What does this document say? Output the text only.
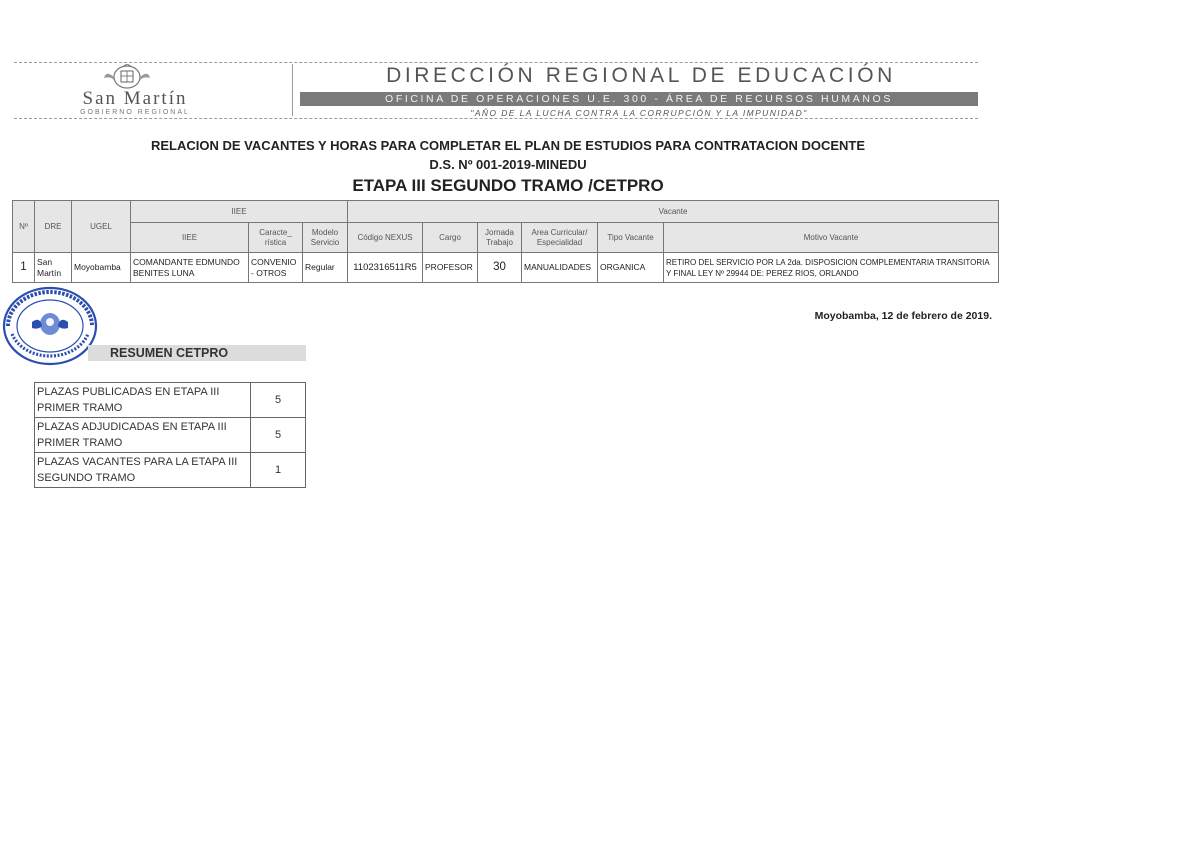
San Martín
GOBIERNO REGIONAL
DIRECCIÓN REGIONAL DE EDUCACIÓN
OFICINA DE OPERACIONES U.E. 300 - ÁREA DE RECURSOS HUMANOS
"AÑO DE LA LUCHA CONTRA LA CORRUPCIÓN Y LA IMPUNIDAD"
RELACION DE VACANTES Y HORAS PARA COMPLETAR EL PLAN DE ESTUDIOS PARA CONTRATACION DOCENTE
D.S. Nº 001-2019-MINEDU
ETAPA III SEGUNDO TRAMO /CETPRO
Nº	DRE	UGEL	IIEE			Vacante					
			IIEE	Caracte_ rística	Modelo Servicio	Código NEXUS	Cargo	Jornada Trabajo	Area Curricular/ Especialidad	Tipo Vacante	Motivo Vacante
1	San Martín	Moyobamba	COMANDANTE EDMUNDO BENITES LUNA	CONVENIO - OTROS	Regular	1102316511R5	PROFESOR	30	MANUALIDADES	ORGANICA	RETIRO DEL SERVICIO POR LA 2da. DISPOSICION COMPLEMENTARIA TRANSITORIA Y FINAL LEY Nº 29944 DE: PEREZ RIOS, ORLANDO
Moyobamba, 12 de febrero de 2019.
RESUMEN CETPRO
PLAZAS PUBLICADAS EN ETAPA III PRIMER TRAMO	5
PLAZAS ADJUDICADAS EN ETAPA III PRIMER TRAMO	5
PLAZAS VACANTES PARA LA ETAPA III SEGUNDO TRAMO	1
